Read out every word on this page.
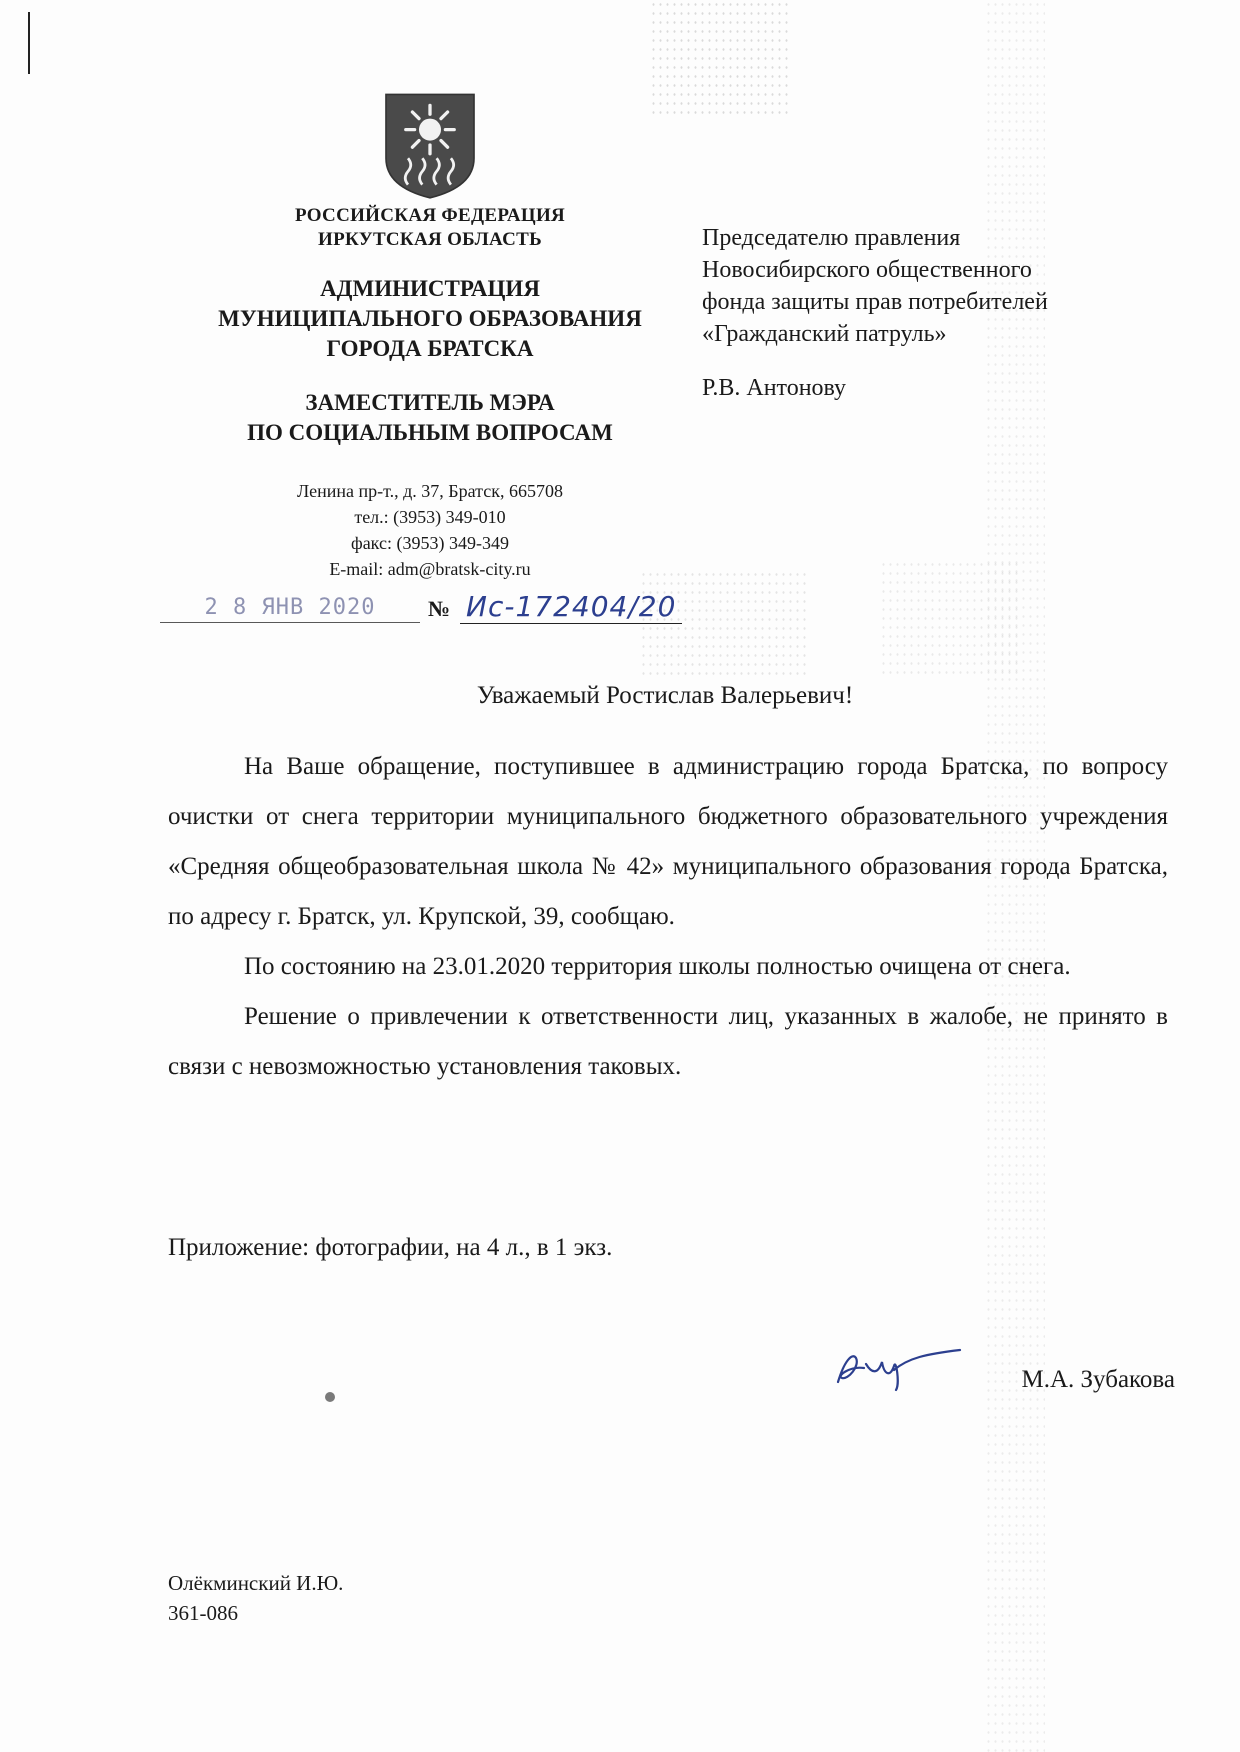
РОССИЙСКАЯ ФЕДЕРАЦИЯ
ИРКУТСКАЯ ОБЛАСТЬ
АДМИНИСТРАЦИЯ
МУНИЦИПАЛЬНОГО ОБРАЗОВАНИЯ
ГОРОДА БРАТСКА
ЗАМЕСТИТЕЛЬ МЭРА
ПО СОЦИАЛЬНЫМ ВОПРОСАМ
Ленина пр-т., д. 37, Братск, 665708
тел.: (3953) 349-010
факс: (3953) 349-349
E-mail: adm@bratsk-city.ru
2 8 ЯНВ 2020	№ Ис-172404/20
Председателю правления
Новосибирского общественного
фонда защиты прав потребителей
«Гражданский патруль»
Р.В. Антонову
Уважаемый Ростислав Валерьевич!

На Ваше обращение, поступившее в администрацию города Братска, по вопросу очистки от снега территории муниципального бюджетного образовательного учреждения «Средняя общеобразовательная школа № 42» муниципального образования города Братска, по адресу г. Братск, ул. Крупской, 39, сообщаю.

По состоянию на 23.01.2020 территория школы полностью очищена от снега.

Решение о привлечении к ответственности лиц, указанных в жалобе, не принято в связи с невозможностью установления таковых.

Приложение: фотографии, на 4 л., в 1 экз.
М.А. Зубакова
Олёкминский И.Ю.
361-086
